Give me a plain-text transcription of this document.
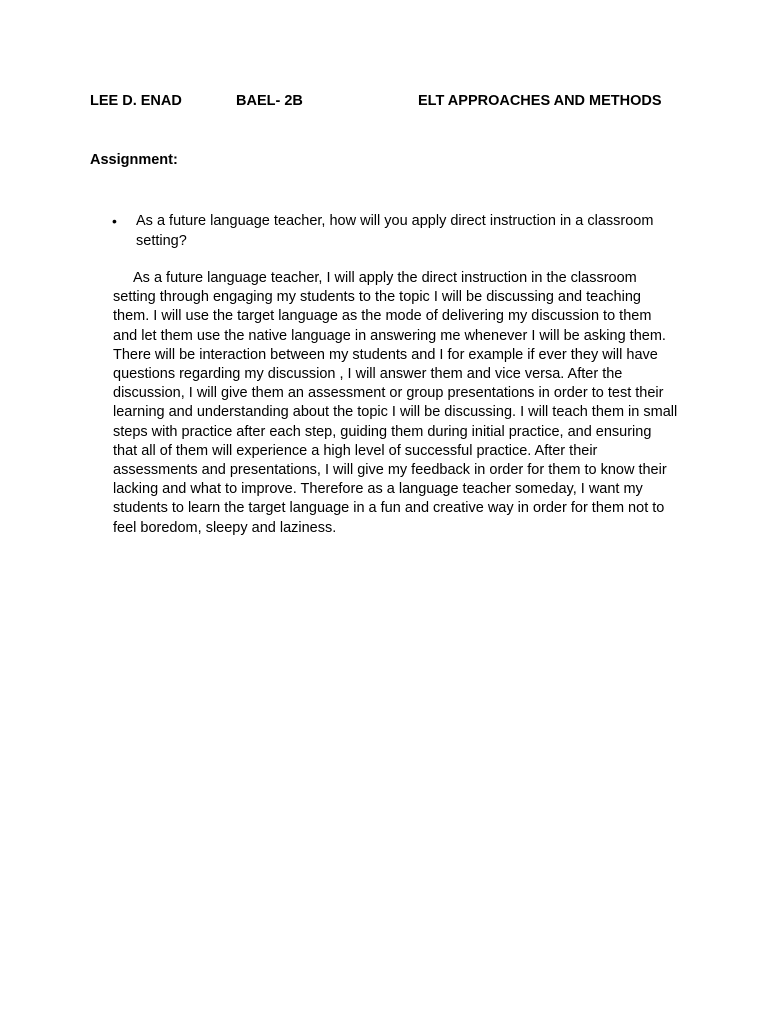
LEE D. ENAD	BAEL- 2B	ELT APPROACHES AND METHODS
Assignment:
• As a future language teacher, how will you apply direct instruction in a classroom setting?

As a future language teacher, I will apply the direct instruction in the classroom setting through engaging my students to the topic I will be discussing and teaching them. I will use the target language as the mode of delivering my discussion to them and let them use the native language in answering me whenever I will be asking them. There will be interaction between my students and I for example if ever they will have questions regarding my discussion , I will answer them and vice versa. After the discussion, I will give them an assessment or group presentations in order to test their learning and understanding about the topic I will be discussing. I will teach them in small steps with practice after each step, guiding them during initial practice, and ensuring that all of them will experience a high level of successful practice. After their assessments and presentations, I will give my feedback in order for them to know their lacking and what to improve. Therefore as a language teacher someday, I want my students to learn the target language in a fun and creative way in order for them not to feel boredom, sleepy and laziness.
